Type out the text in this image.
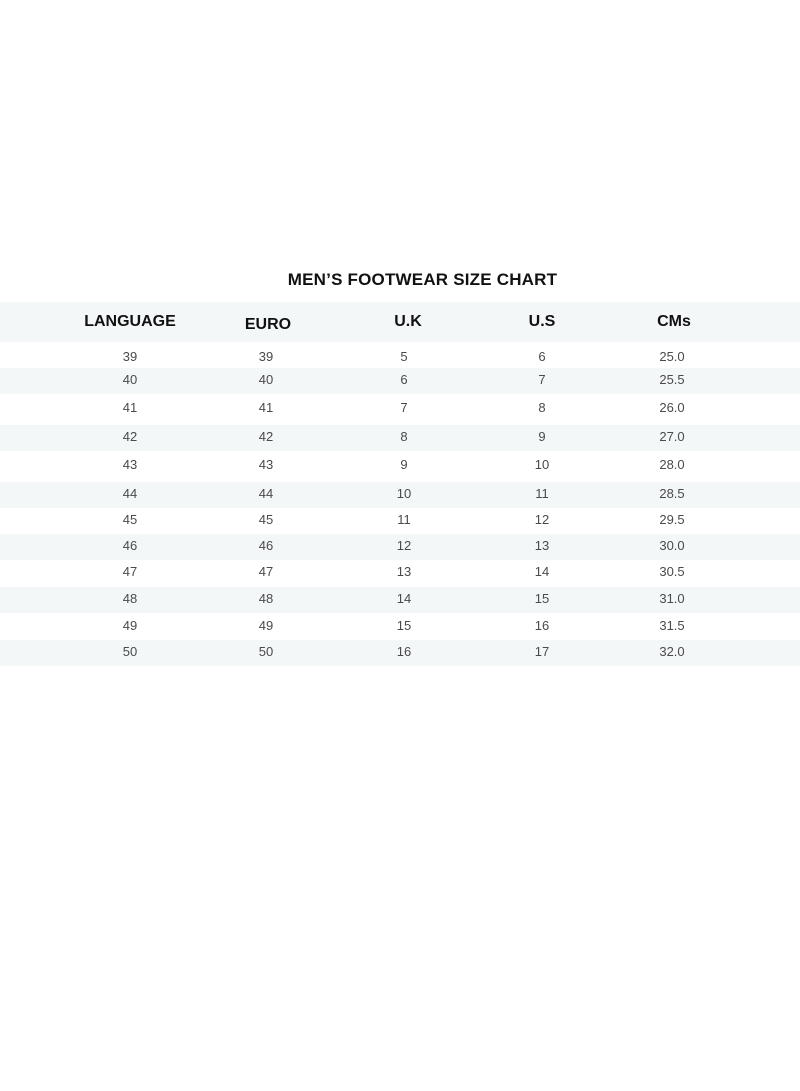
MEN’S FOOTWEAR SIZE CHART
LANGUAGE	EURO	U.K	U.S	CMs
39	39	5	6	25.0
40	40	6	7	25.5
41	41	7	8	26.0
42	42	8	9	27.0
43	43	9	10	28.0
44	44	10	11	28.5
45	45	11	12	29.5
46	46	12	13	30.0
47	47	13	14	30.5
48	48	14	15	31.0
49	49	15	16	31.5
50	50	16	17	32.0
